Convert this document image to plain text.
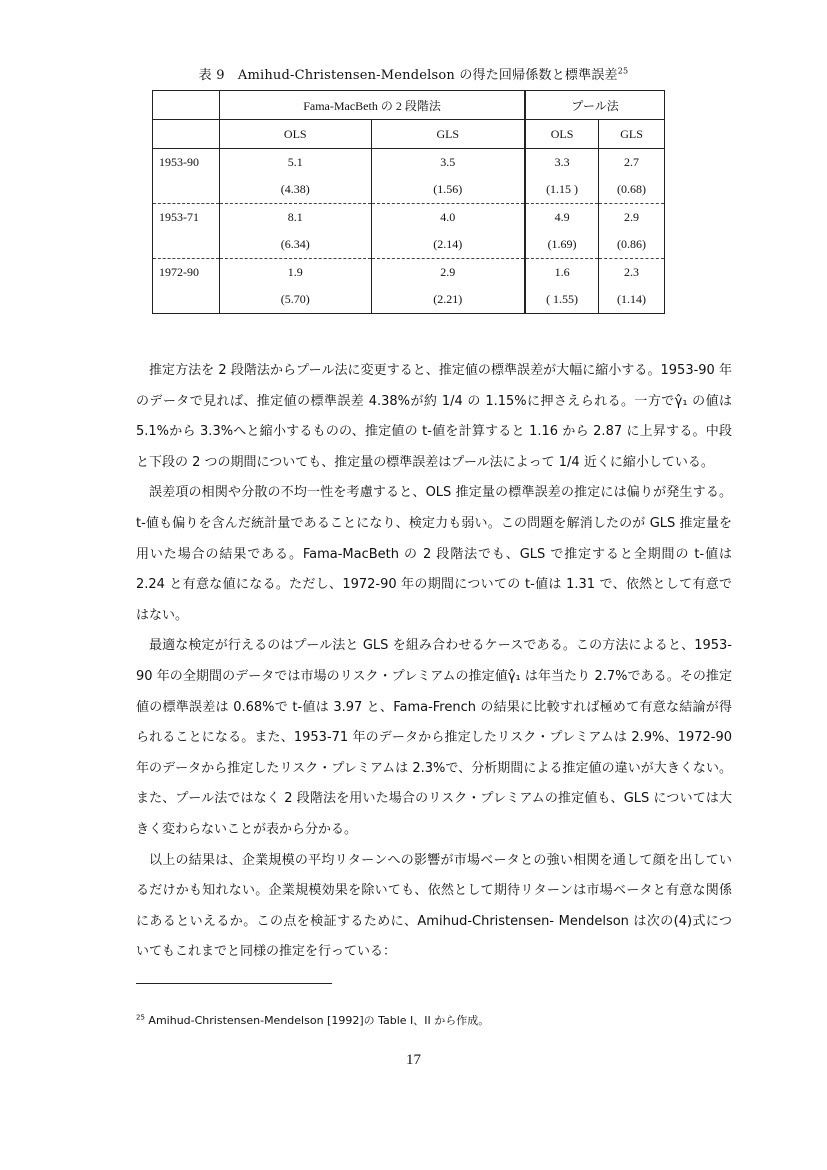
表 9　Amihud-Christensen-Mendelson の得た回帰係数と標準誤差$^{25}$
	Fama-MacBeth の 2 段階法		プール法	
	OLS	GLS	OLS	GLS
1953-90	5.1	3.5	3.3	2.7
	(4.38)	(1.56)	(1.15 )	(0.68)
1953-71	8.1	4.0	4.9	2.9
	(6.34)	(2.14)	(1.69)	(0.86)
1972-90	1.9	2.9	1.6	2.3
	(5.70)	(2.21)	( 1.55)	(1.14)

推定方法を 2 段階法からプール法に変更すると、推定値の標準誤差が大幅に縮小する。1953-90 年のデータで見れば、推定値の標準誤差 4.38%が約 1/4 の 1.15%に押さえられる。一方でγ̂₁ の値は 5.1%から 3.3%へと縮小するものの、推定値の t-値を計算すると 1.16 から 2.87 に上昇する。中段と下段の 2 つの期間についても、推定量の標準誤差はプール法によって 1/4 近くに縮小している。

誤差項の相関や分散の不均一性を考慮すると、OLS 推定量の標準誤差の推定には偏りが発生する。t-値も偏りを含んだ統計量であることになり、検定力も弱い。この問題を解消したのが GLS 推定量を用いた場合の結果である。Fama-MacBeth の 2 段階法でも、GLS で推定すると全期間の t-値は 2.24 と有意な値になる。ただし、1972-90 年の期間についての t-値は 1.31 で、依然として有意ではない。

最適な検定が行えるのはプール法と GLS を組み合わせるケースである。この方法によると、1953-90 年の全期間のデータでは市場のリスク・プレミアムの推定値γ̂₁ は年当たり 2.7%である。その推定値の標準誤差は 0.68%で t-値は 3.97 と、Fama-French の結果に比較すれば極めて有意な結論が得られることになる。また、1953-71 年のデータから推定したリスク・プレミアムは 2.9%、1972-90 年のデータから推定したリスク・プレミアムは 2.3%で、分析期間による推定値の違いが大きくない。また、プール法ではなく 2 段階法を用いた場合のリスク・プレミアムの推定値も、GLS については大きく変わらないことが表から分かる。

以上の結果は、企業規模の平均リターンへの影響が市場ベータとの強い相関を通して顔を出しているだけかも知れない。企業規模効果を除いても、依然として期待リターンは市場ベータと有意な関係にあるといえるか。この点を検証するために、Amihud-Christensen- Mendelson は次の(4)式についてもこれまでと同様の推定を行っている：

$^{25}$ Amihud-Christensen-Mendelson [1992]の Table I、II から作成。
17
